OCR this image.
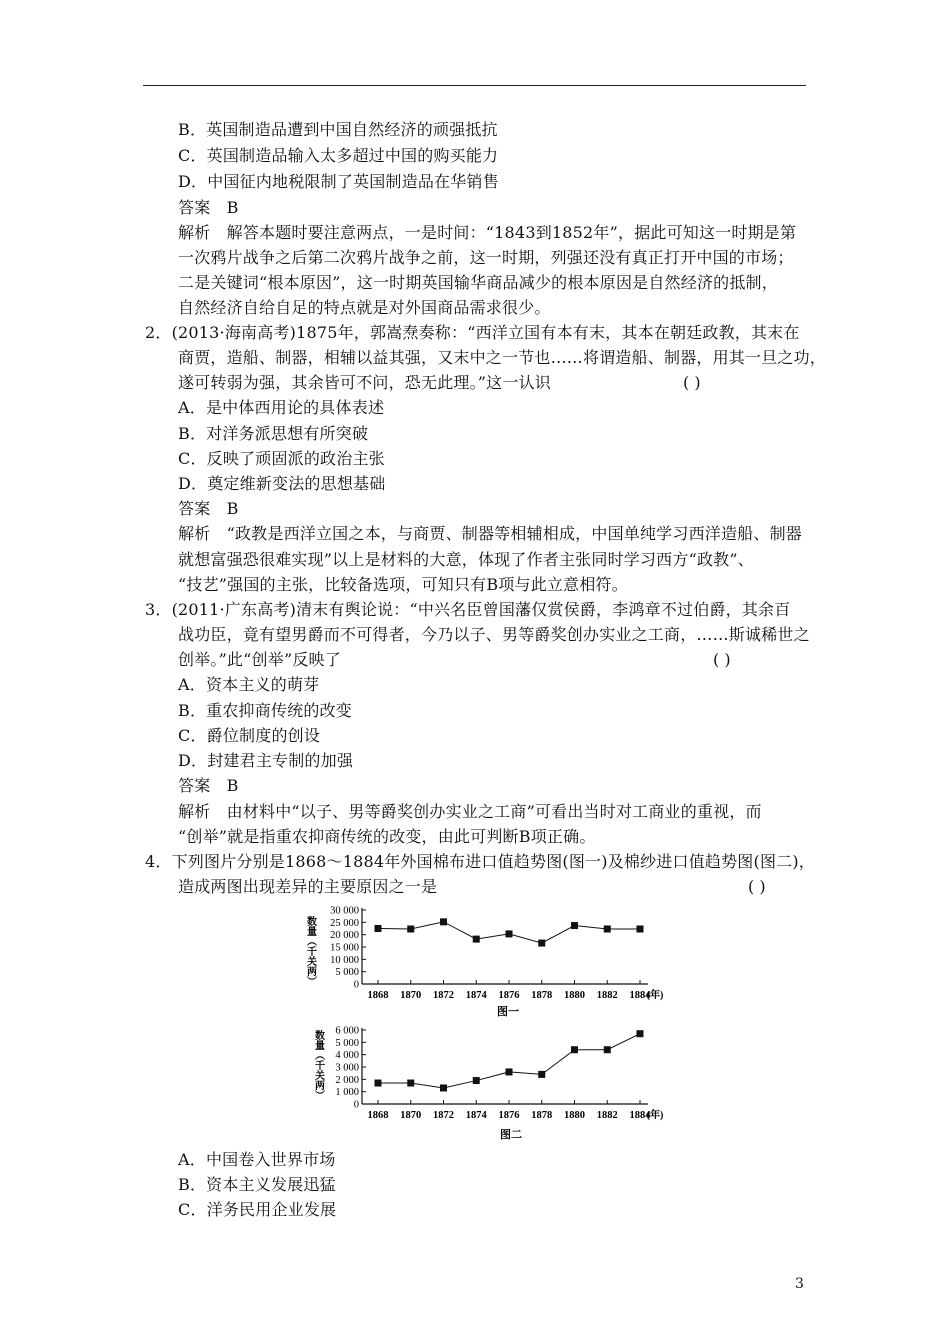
B．英国制造品遭到中国自然经济的顽强抵抗
C．英国制造品输入太多超过中国的购买能力
D．中国征内地税限制了英国制造品在华销售
答案　B
解析　解答本题时要注意两点，一是时间：“1843到1852年”，据此可知这一时期是第
一次鸦片战争之后第二次鸦片战争之前，这一时期，列强还没有真正打开中国的市场；
二是关键词“根本原因”，这一时期英国输华商品减少的根本原因是自然经济的抵制，
自然经济自给自足的特点就是对外国商品需求很少。
2．(2013·海南高考)1875年，郭嵩焘奏称：“西洋立国有本有末，其本在朝廷政教，其末在
商贾，造船、制器，相辅以益其强，又末中之一节也……将谓造船、制器，用其一旦之功，
遂可转弱为强，其余皆可不问，恐无此理。”这一认识	( )
A．是中体西用论的具体表述
B．对洋务派思想有所突破
C．反映了顽固派的政治主张
D．奠定维新变法的思想基础
答案　B
解析　“政教是西洋立国之本，与商贾、制器等相辅相成，中国单纯学习西洋造船、制器
就想富强恐很难实现”以上是材料的大意，体现了作者主张同时学习西方“政教”、
“技艺”强国的主张，比较备选项，可知只有B项与此立意相符。
3．(2011·广东高考)清末有舆论说：“中兴名臣曾国藩仅赏侯爵，李鸿章不过伯爵，其余百
战功臣，竟有望男爵而不可得者，今乃以子、男等爵奖创办实业之工商，……斯诚稀世之
创举。”此“创举”反映了	( )
A．资本主义的萌芽
B．重农抑商传统的改变
C．爵位制度的创设
D．封建君主专制的加强
答案　B
解析　由材料中“以子、男等爵奖创办实业之工商”可看出当时对工商业的重视，而
“创举”就是指重农抑商传统的改变，由此可判断B项正确。
4．下列图片分别是1868～1884年外国棉布进口值趋势图(图一)及棉纱进口值趋势图(图二)，
造成两图出现差异的主要原因之一是	( )
数量（千关两）
30 000
25 000
20 000
15 000
10 000
5 000
0
1868 1870 1872 1874 1876 1878 1880 1882 1884
图一
(年)
数量（千关两） 6 000
5 000
4 000
3 000
2 000
1 000
0
1868 1870 1872 1874 1876 1878 1880 1882 1884
图二
(年)
A．中国卷入世界市场
B．资本主义发展迅猛
C．洋务民用企业发展
3
